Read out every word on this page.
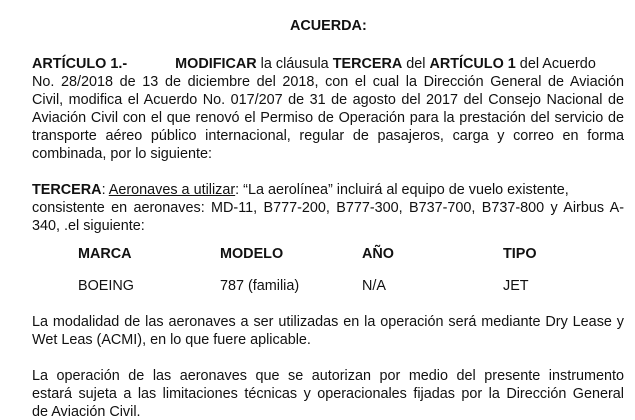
ACUERDA:
ARTÍCULO 1.-	MODIFICAR la cláusula TERCERA del ARTÍCULO 1 del Acuerdo
No. 28/2018 de 13 de diciembre del 2018, con el cual la Dirección General de Aviación
Civil, modifica el Acuerdo No. 017/207 de 31 de agosto del 2017 del Consejo Nacional de
Aviación Civil con el que renovó el Permiso de Operación para la prestación del servicio de
transporte aéreo público internacional, regular de pasajeros, carga y correo en forma
combinada, por lo siguiente:
TERCERA: Aeronaves a utilizar: “La aerolínea” incluirá al equipo de vuelo existente,
consistente en aeronaves: MD-11, B777-200, B777-300, B737-700, B737-800 y Airbus A-
340, .el siguiente:
MARCA	MODELO	AÑO	TIPO
BOEING	787 (familia)	N/A	JET
La modalidad de las aeronaves a ser utilizadas en la operación será mediante Dry Lease y
Wet Leas (ACMI), en lo que fuere aplicable.
La operación de las aeronaves que se autorizan por medio del presente instrumento
estará sujeta a las limitaciones técnicas y operacionales fijadas por la Dirección General
de Aviación Civil.
